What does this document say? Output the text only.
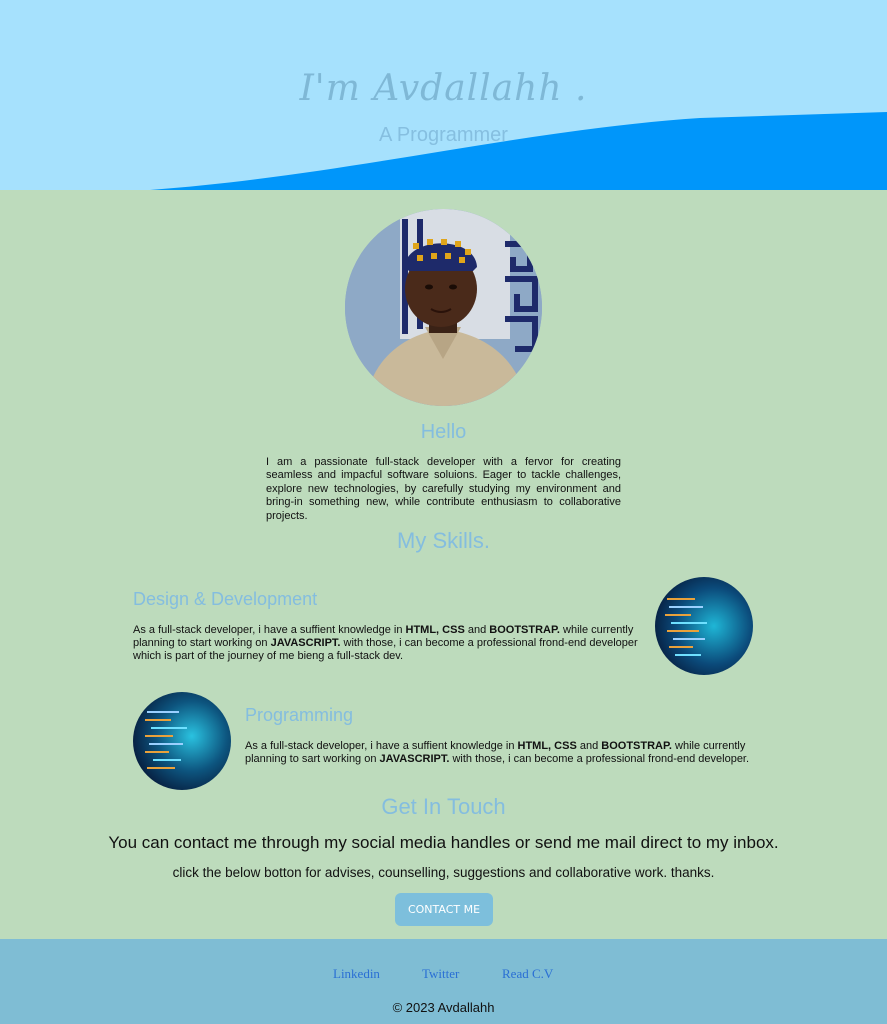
I'm Avdallahh .
A Programmer
Hello
I am a passionate full-stack developer with a fervor for creating seamless and impacful software soluions. Eager to tackle challenges, explore new technologies, by carefully studying my environment and bring-in something new, while contribute enthusiasm to collaborative projects.
My Skills.
Design & Development
As a full-stack developer, i have a suffient knowledge in HTML, CSS and BOOTSTRAP. while currently planning to start working on JAVASCRIPT. with those, i can become a professional frond-end developer which is part of the journey of me bieng a full-stack dev.
Programming
As a full-stack developer, i have a suffient knowledge in HTML, CSS and BOOTSTRAP. while currently planning to sart working on JAVASCRIPT. with those, i can become a professional frond-end developer.
Get In Touch
You can contact me through my social media handles or send me mail direct to my inbox.
click the below botton for advises, counselling, suggestions and collaborative work. thanks.
CONTACT ME
Linkedin	Twitter	Read C.V
© 2023 Avdallahh
